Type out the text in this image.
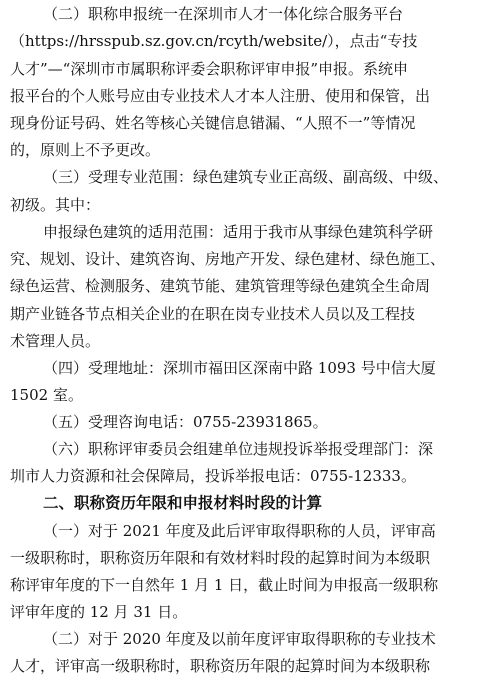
（二）职称申报统一在深圳市人才一体化综合服务平台
（https://hrsspub.sz.gov.cn/rcyth/website/），点击“专技
人才”—“深圳市市属职称评委会职称评审申报”申报。系统申
报平台的个人账号应由专业技术人才本人注册、使用和保管，出
现身份证号码、姓名等核心关键信息错漏、“人照不一”等情况
的，原则上不予更改。
（三）受理专业范围：绿色建筑专业正高级、副高级、中级、
初级。其中：
申报绿色建筑的适用范围：适用于我市从事绿色建筑科学研
究、规划、设计、建筑咨询、房地产开发、绿色建材、绿色施工、
绿色运营、检测服务、建筑节能、建筑管理等绿色建筑全生命周
期产业链各节点相关企业的在职在岗专业技术人员以及工程技
术管理人员。
（四）受理地址：深圳市福田区深南中路 1093 号中信大厦
1502 室。
（五）受理咨询电话：0755-23931865。
（六）职称评审委员会组建单位违规投诉举报受理部门：深
圳市人力资源和社会保障局，投诉举报电话：0755-12333。
二、职称资历年限和申报材料时段的计算
（一）对于 2021 年度及此后评审取得职称的人员，评审高
一级职称时，职称资历年限和有效材料时段的起算时间为本级职
称评审年度的下一自然年 1 月 1 日，截止时间为申报高一级职称
评审年度的 12 月 31 日。
（二）对于 2020 年度及以前年度评审取得职称的专业技术
人才，评审高一级职称时，职称资历年限的起算时间为本级职称
